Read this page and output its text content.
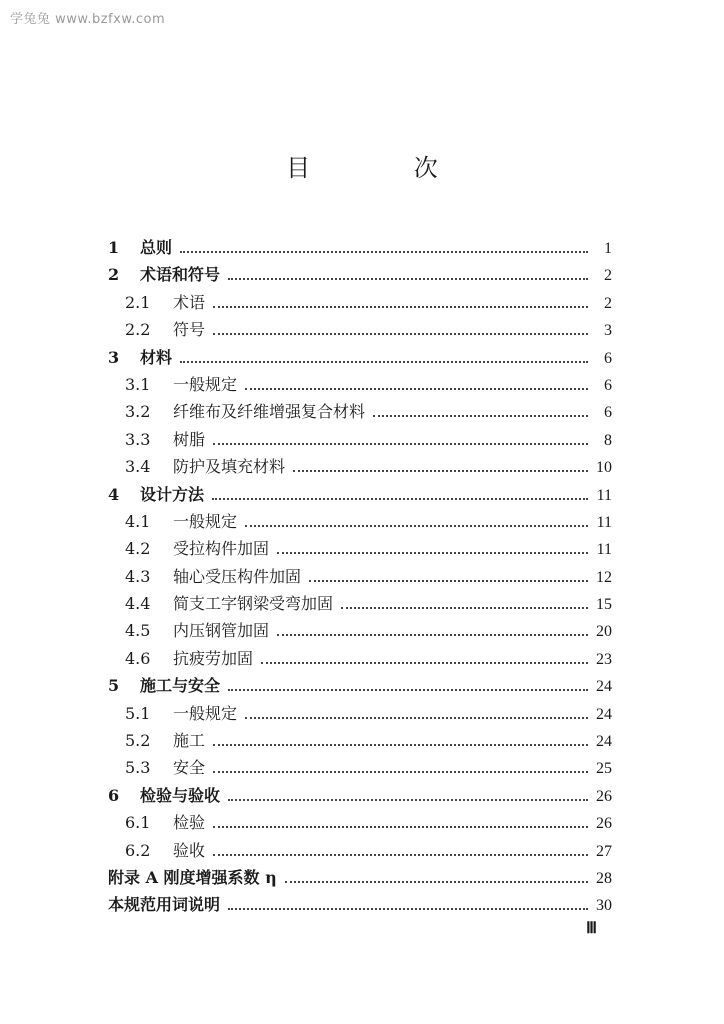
学兔兔 www.bzfxw.com
目 次
1	总则	1
2	术语和符号	2
2.1	术语	2
2.2	符号	3
3	材料	6
3.1	一般规定	6
3.2	纤维布及纤维增强复合材料	6
3.3	树脂	8
3.4	防护及填充材料	10
4	设计方法	11
4.1	一般规定	11
4.2	受拉构件加固	11
4.3	轴心受压构件加固	12
4.4	简支工字钢梁受弯加固	15
4.5	内压钢管加固	20
4.6	抗疲劳加固	23
5	施工与安全	24
5.1	一般规定	24
5.2	施工	24
5.3	安全	25
6	检验与验收	26
6.1	检验	26
6.2	验收	27
附录 A 刚度增强系数 η	28
本规范用词说明	30
Ⅲ
